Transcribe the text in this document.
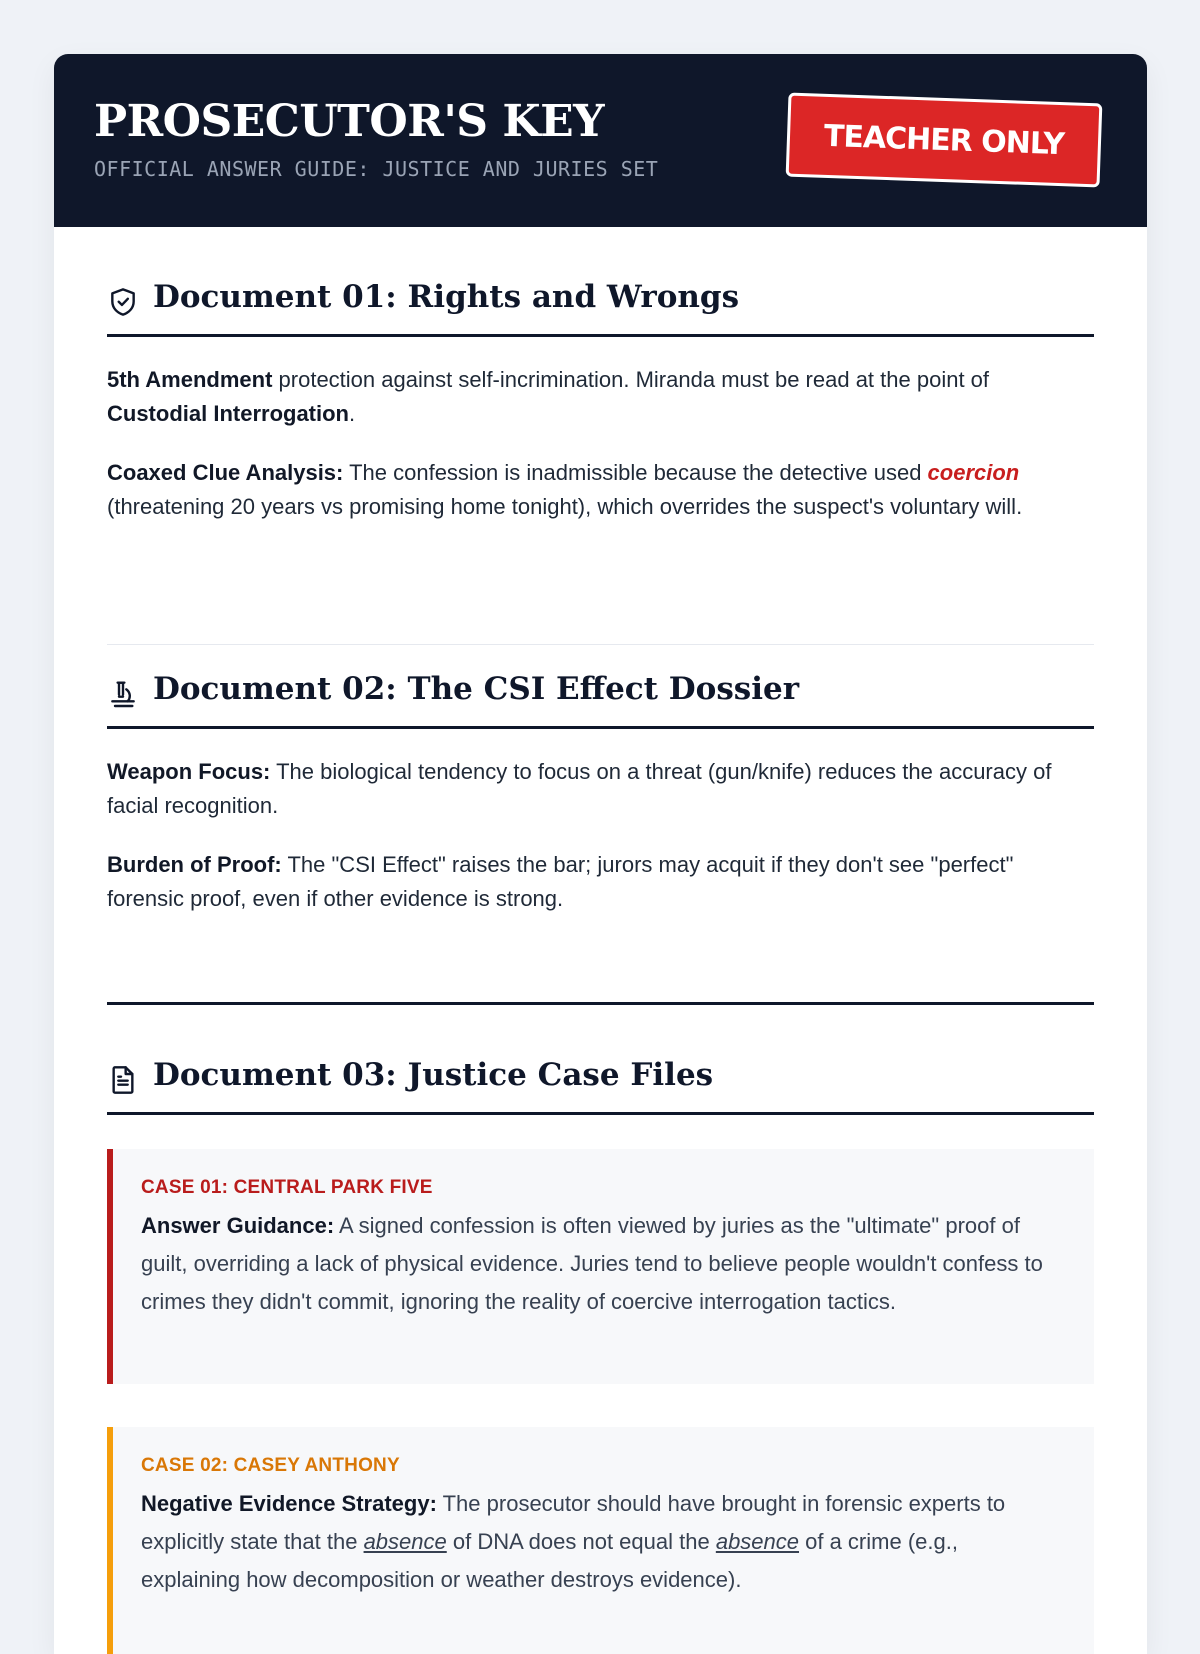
PROSECUTOR'S KEY
OFFICIAL ANSWER GUIDE: JUSTICE AND JURIES SET
TEACHER ONLY
Document 01: Rights and Wrongs
5th Amendment protection against self-incrimination. Miranda must be read at the point of Custodial Interrogation.
Coaxed Clue Analysis: The confession is inadmissible because the detective used coercion (threatening 20 years vs promising home tonight), which overrides the suspect's voluntary will.
Document 02: The CSI Effect Dossier
Weapon Focus: The biological tendency to focus on a threat (gun/knife) reduces the accuracy of facial recognition.
Burden of Proof: The "CSI Effect" raises the bar; jurors may acquit if they don't see "perfect" forensic proof, even if other evidence is strong.
Document 03: Justice Case Files
CASE 01: CENTRAL PARK FIVE
Answer Guidance: A signed confession is often viewed by juries as the "ultimate" proof of guilt, overriding a lack of physical evidence. Juries tend to believe people wouldn't confess to crimes they didn't commit, ignoring the reality of coercive interrogation tactics.
CASE 02: CASEY ANTHONY
Negative Evidence Strategy: The prosecutor should have brought in forensic experts to explicitly state that the absence of DNA does not equal the absence of a crime (e.g., explaining how decomposition or weather destroys evidence).
